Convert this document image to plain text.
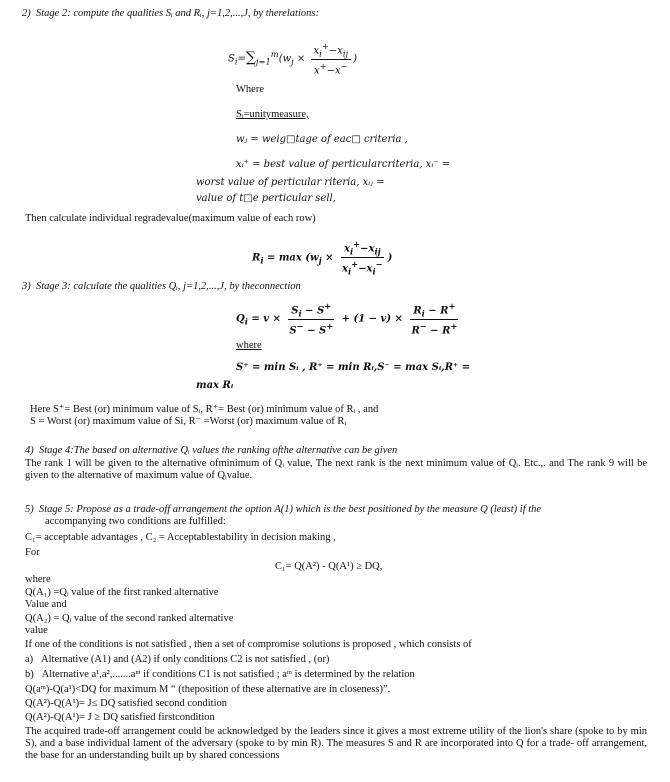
2)  Stage 2: compute the qualities Sᵢ and Rᵢ, j=1,2,...,J, by therelations:
$S_i=\sum_{j=1}^m(w_j \times \frac{x_i^+-x_{ij}}{x^+-x^-}$ )
Where
Sᵢ=unitymeasure,
wⱼ = weig□tage of eac□ criteria ,
xᵢ⁺ = best value of perticularcriteria, xᵢ⁻ =
worst value of perticular riteria, xᵢⱼ =
value of t□e perticular sell,
Then calculate individual regradevalue(maximum value of each row)
$R_i = \max (w_j \times \frac{x_i^+-x_{ij}}{x_i^+-x_i^-}$ )
3)  Stage 3: calculate the qualities Qᵢ, j=1,2,...,J, by theconnection
$Q_i = v \times \frac{S_i - S^+}{S^- - S^+} + (1 - v) \times \frac{R_i - R^+}{R^- - R^+}$
where
S⁺ = min Sᵢ , R⁺ = min Rᵢ,S⁻ = max Sᵢ,R⁺ =
max Rᵢ
Here S⁺= Best (or) minimum value of Sᵢ, R⁺= Best (or) minimum value of Rᵢ , and
S = Worst (or) maximum value of Si, R⁻ =Worst (or) maximum value of Rᵢ
4)  Stage 4:The based on alternative Qᵢ values the ranking ofthe alternative can be given
The rank 1 will be given to the alternative ofminimum of Qᵢ value, The next rank is the next minimum value of Qᵢ. Etc.,. and The rank 9 will be given to the alternative of maximum value of Qᵢvalue.
5)  Stage 5: Propose as a trade-off arrangement the option A(1) which is the best positioned by the measure Q (least) if the
accompanying two conditions are fulfilled:
C₁= acceptable advantages , C₂ = Acceptablestability in decision making ,
For
C₁= Q(A²) - Q(A¹) ≥ DQ,
where
Q(A₁) =Qᵢ value of the first ranked alternative
Value and
Q(A₂) = Qᵢ value of the second ranked alternative
value
If one of the conditions is not satisfied , then a set of compromise solutions is proposed , which consists of
a)   Alternative (A1) and (A2) if only conditions C2 is not satisfied , (or)
b)   Alternative a¹,a²,.......aᵐ if conditions C1 is not satisfied ; aᵐ is determined by the relation
Q(aᵐ)-Q(a¹)<DQ for maximum M “ (theposition of these alternative are in closeness)”.
Q(A²)-Q(A¹)= J≤ DQ satisfied second condition
Q(A²)-Q(A¹)= J ≥ DQ satisfied firstcondition
The acquired trade-off arrangement could be acknowledged by the leaders since it gives a most extreme utility of the lion's share (spoke to by min S), and a base individual lament of the adversary (spoke to by min R). The measures S and R are incorporated into Q for a trade- off arrangement, the base for an understanding built up by shared concessions
